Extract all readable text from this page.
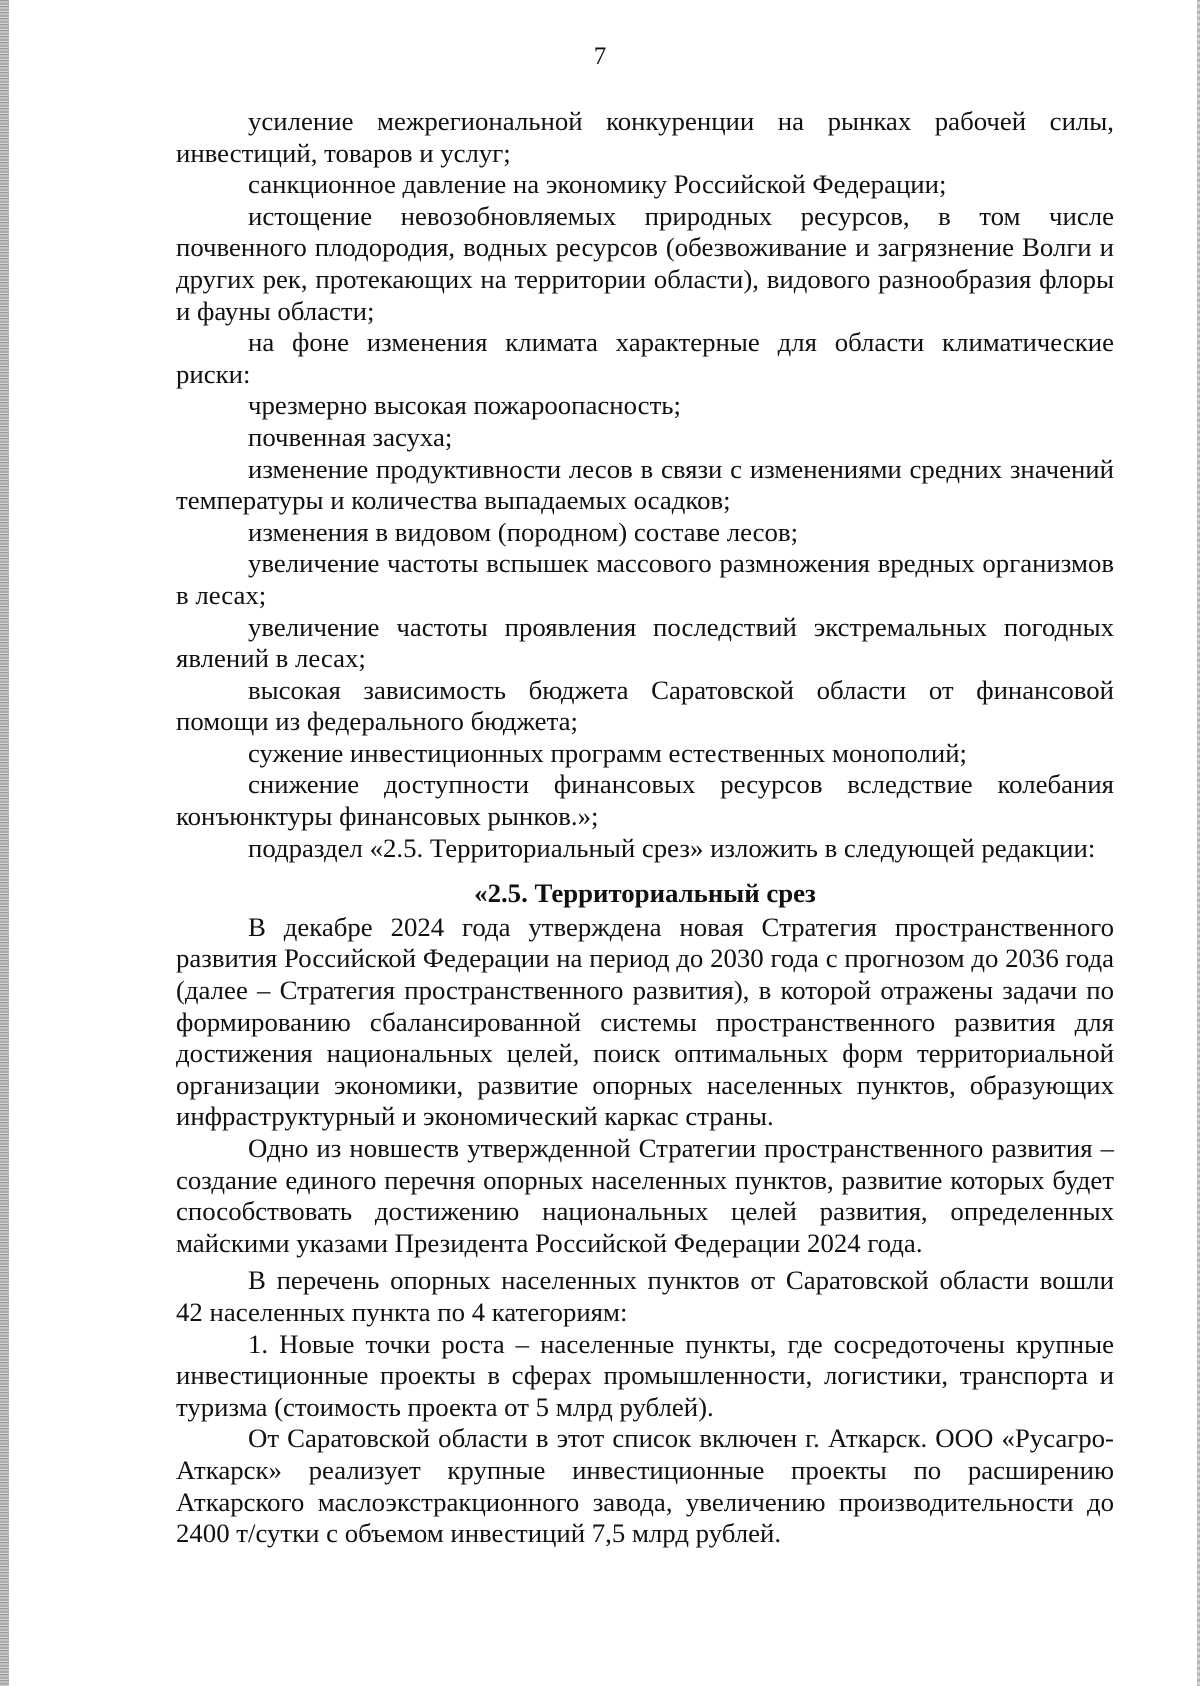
7

усиление межрегиональной конкуренции на рынках рабочей силы, инвестиций, товаров и услуг;

санкционное давление на экономику Российской Федерации;

истощение невозобновляемых природных ресурсов, в том числе почвенного плодородия, водных ресурсов (обезвоживание и загрязнение Волги и других рек, протекающих на территории области), видового разнообразия флоры и фауны области;

на фоне изменения климата характерные для области климатические риски:

чрезмерно высокая пожароопасность;

почвенная засуха;

изменение продуктивности лесов в связи с изменениями средних значений температуры и количества выпадаемых осадков;

изменения в видовом (породном) составе лесов;

увеличение частоты вспышек массового размножения вредных организмов в лесах;

увеличение частоты проявления последствий экстремальных погодных явлений в лесах;

высокая зависимость бюджета Саратовской области от финансовой помощи из федерального бюджета;

сужение инвестиционных программ естественных монополий;

снижение доступности финансовых ресурсов вследствие колебания конъюнктуры финансовых рынков.»;

подраздел «2.5. Территориальный срез» изложить в следующей редакции:

«2.5. Территориальный срез

В декабре 2024 года утверждена новая Стратегия пространственного развития Российской Федерации на период до 2030 года с прогнозом до 2036 года (далее – Стратегия пространственного развития), в которой отражены задачи по формированию сбалансированной системы пространственного развития для достижения национальных целей, поиск оптимальных форм территориальной организации экономики, развитие опорных населенных пунктов, образующих инфраструктурный и экономический каркас страны.

Одно из новшеств утвержденной Стратегии пространственного развития – создание единого перечня опорных населенных пунктов, развитие которых будет способствовать достижению национальных целей развития, определенных майскими указами Президента Российской Федерации 2024 года.

В перечень опорных населенных пунктов от Саратовской области вошли 42 населенных пункта по 4 категориям:

1. Новые точки роста – населенные пункты, где сосредоточены крупные инвестиционные проекты в сферах промышленности, логистики, транспорта и туризма (стоимость проекта от 5 млрд рублей).

От Саратовской области в этот список включен г. Аткарск. ООО «Русагро-Аткарск» реализует крупные инвестиционные проекты по расширению Аткарского маслоэкстракционного завода, увеличению производительности до 2400 т/сутки с объемом инвестиций 7,5 млрд рублей.
